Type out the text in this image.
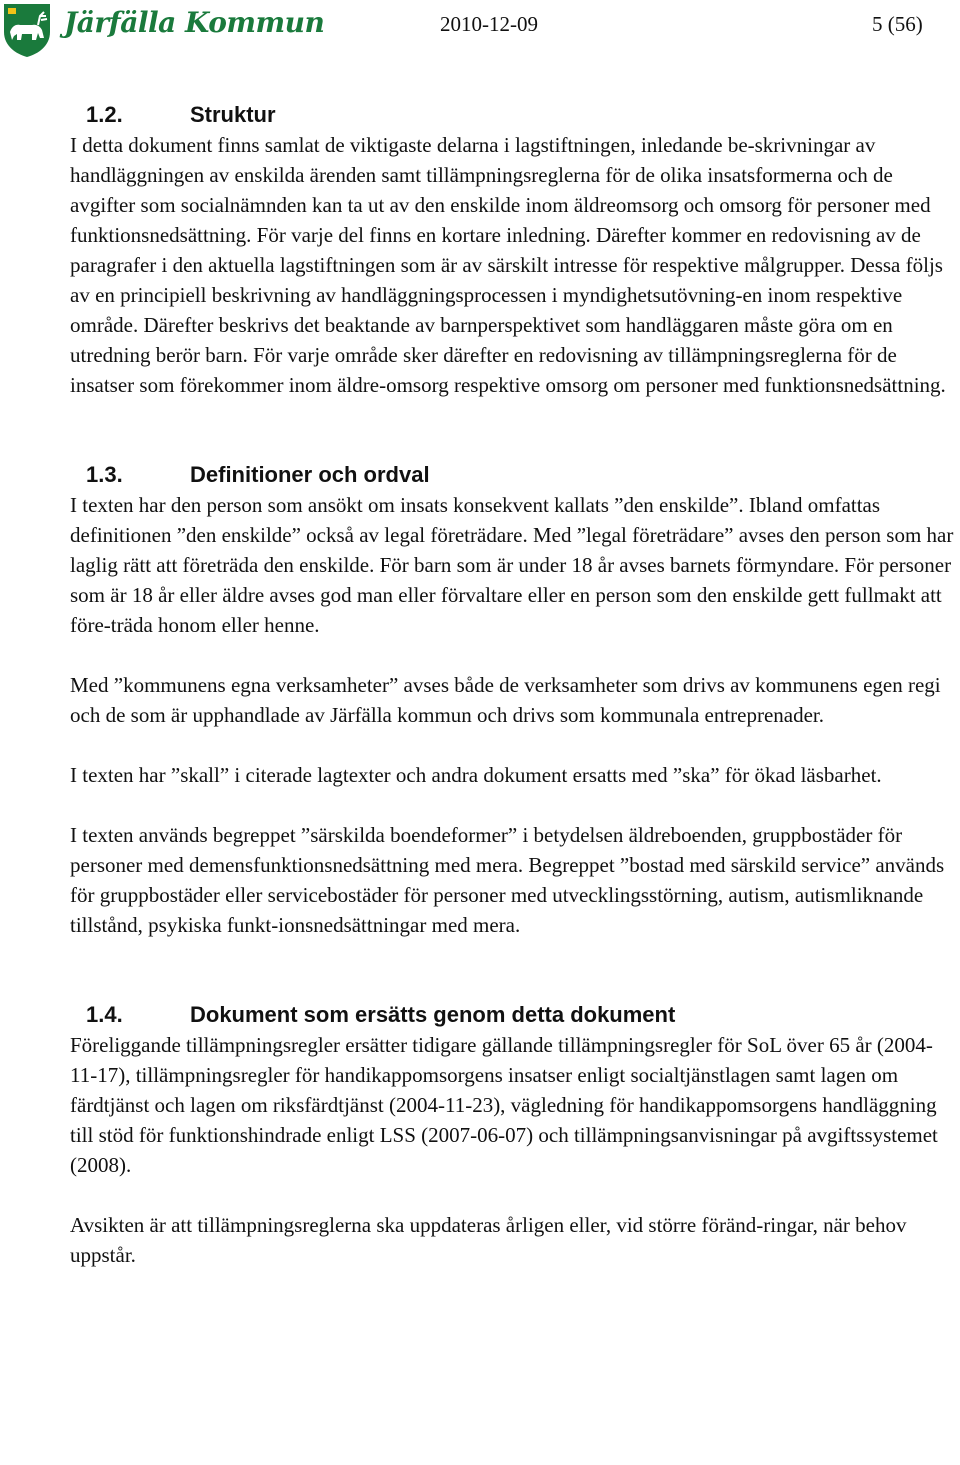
Järfälla Kommun	2010-12-09	5 (56)
1.2.	Struktur

I detta dokument finns samlat de viktigaste delarna i lagstiftningen, inledande be-skrivningar av handläggningen av enskilda ärenden samt tillämpningsreglerna för de olika insatsformerna och de avgifter som socialnämnden kan ta ut av den enskilde inom äldreomsorg och omsorg för personer med funktionsnedsättning. För varje del finns en kortare inledning. Därefter kommer en redovisning av de paragrafer i den aktuella lagstiftningen som är av särskilt intresse för respektive målgrupper. Dessa följs av en principiell beskrivning av handläggningsprocessen i myndighetsutövning-en inom respektive område. Därefter beskrivs det beaktande av barnperspektivet som handläggaren måste göra om en utredning berör barn. För varje område sker därefter en redovisning av tillämpningsreglerna för de insatser som förekommer inom äldre-omsorg respektive omsorg om personer med funktionsnedsättning.

1.3.	Definitioner och ordval

I texten har den person som ansökt om insats konsekvent kallats ”den enskilde”. Ibland omfattas definitionen ”den enskilde” också av legal företrädare. Med ”legal företrädare” avses den person som har laglig rätt att företräda den enskilde. För barn som är under 18 år avses barnets förmyndare. För personer som är 18 år eller äldre avses god man eller förvaltare eller en person som den enskilde gett fullmakt att före-träda honom eller henne.

Med ”kommunens egna verksamheter” avses både de verksamheter som drivs av kommunens egen regi och de som är upphandlade av Järfälla kommun och drivs som kommunala entreprenader.

I texten har ”skall” i citerade lagtexter och andra dokument ersatts med ”ska” för ökad läsbarhet.

I texten används begreppet ”särskilda boendeformer” i betydelsen äldreboenden, gruppbostäder för personer med demensfunktionsnedsättning med mera. Begreppet ”bostad med särskild service” används för gruppbostäder eller servicebostäder för personer med utvecklingsstörning, autism, autismliknande tillstånd, psykiska funkt-ionsnedsättningar med mera.

1.4.	Dokument som ersätts genom detta dokument

Föreliggande tillämpningsregler ersätter tidigare gällande tillämpningsregler för SoL över 65 år (2004-11-17), tillämpningsregler för handikappomsorgens insatser enligt socialtjänstlagen samt lagen om färdtjänst och lagen om riksfärdtjänst (2004-11-23), vägledning för handikappomsorgens handläggning till stöd för funktionshindrade enligt LSS (2007-06-07) och tillämpningsanvisningar på avgiftssystemet (2008).

Avsikten är att tillämpningsreglerna ska uppdateras årligen eller, vid större föränd-ringar, när behov uppstår.
